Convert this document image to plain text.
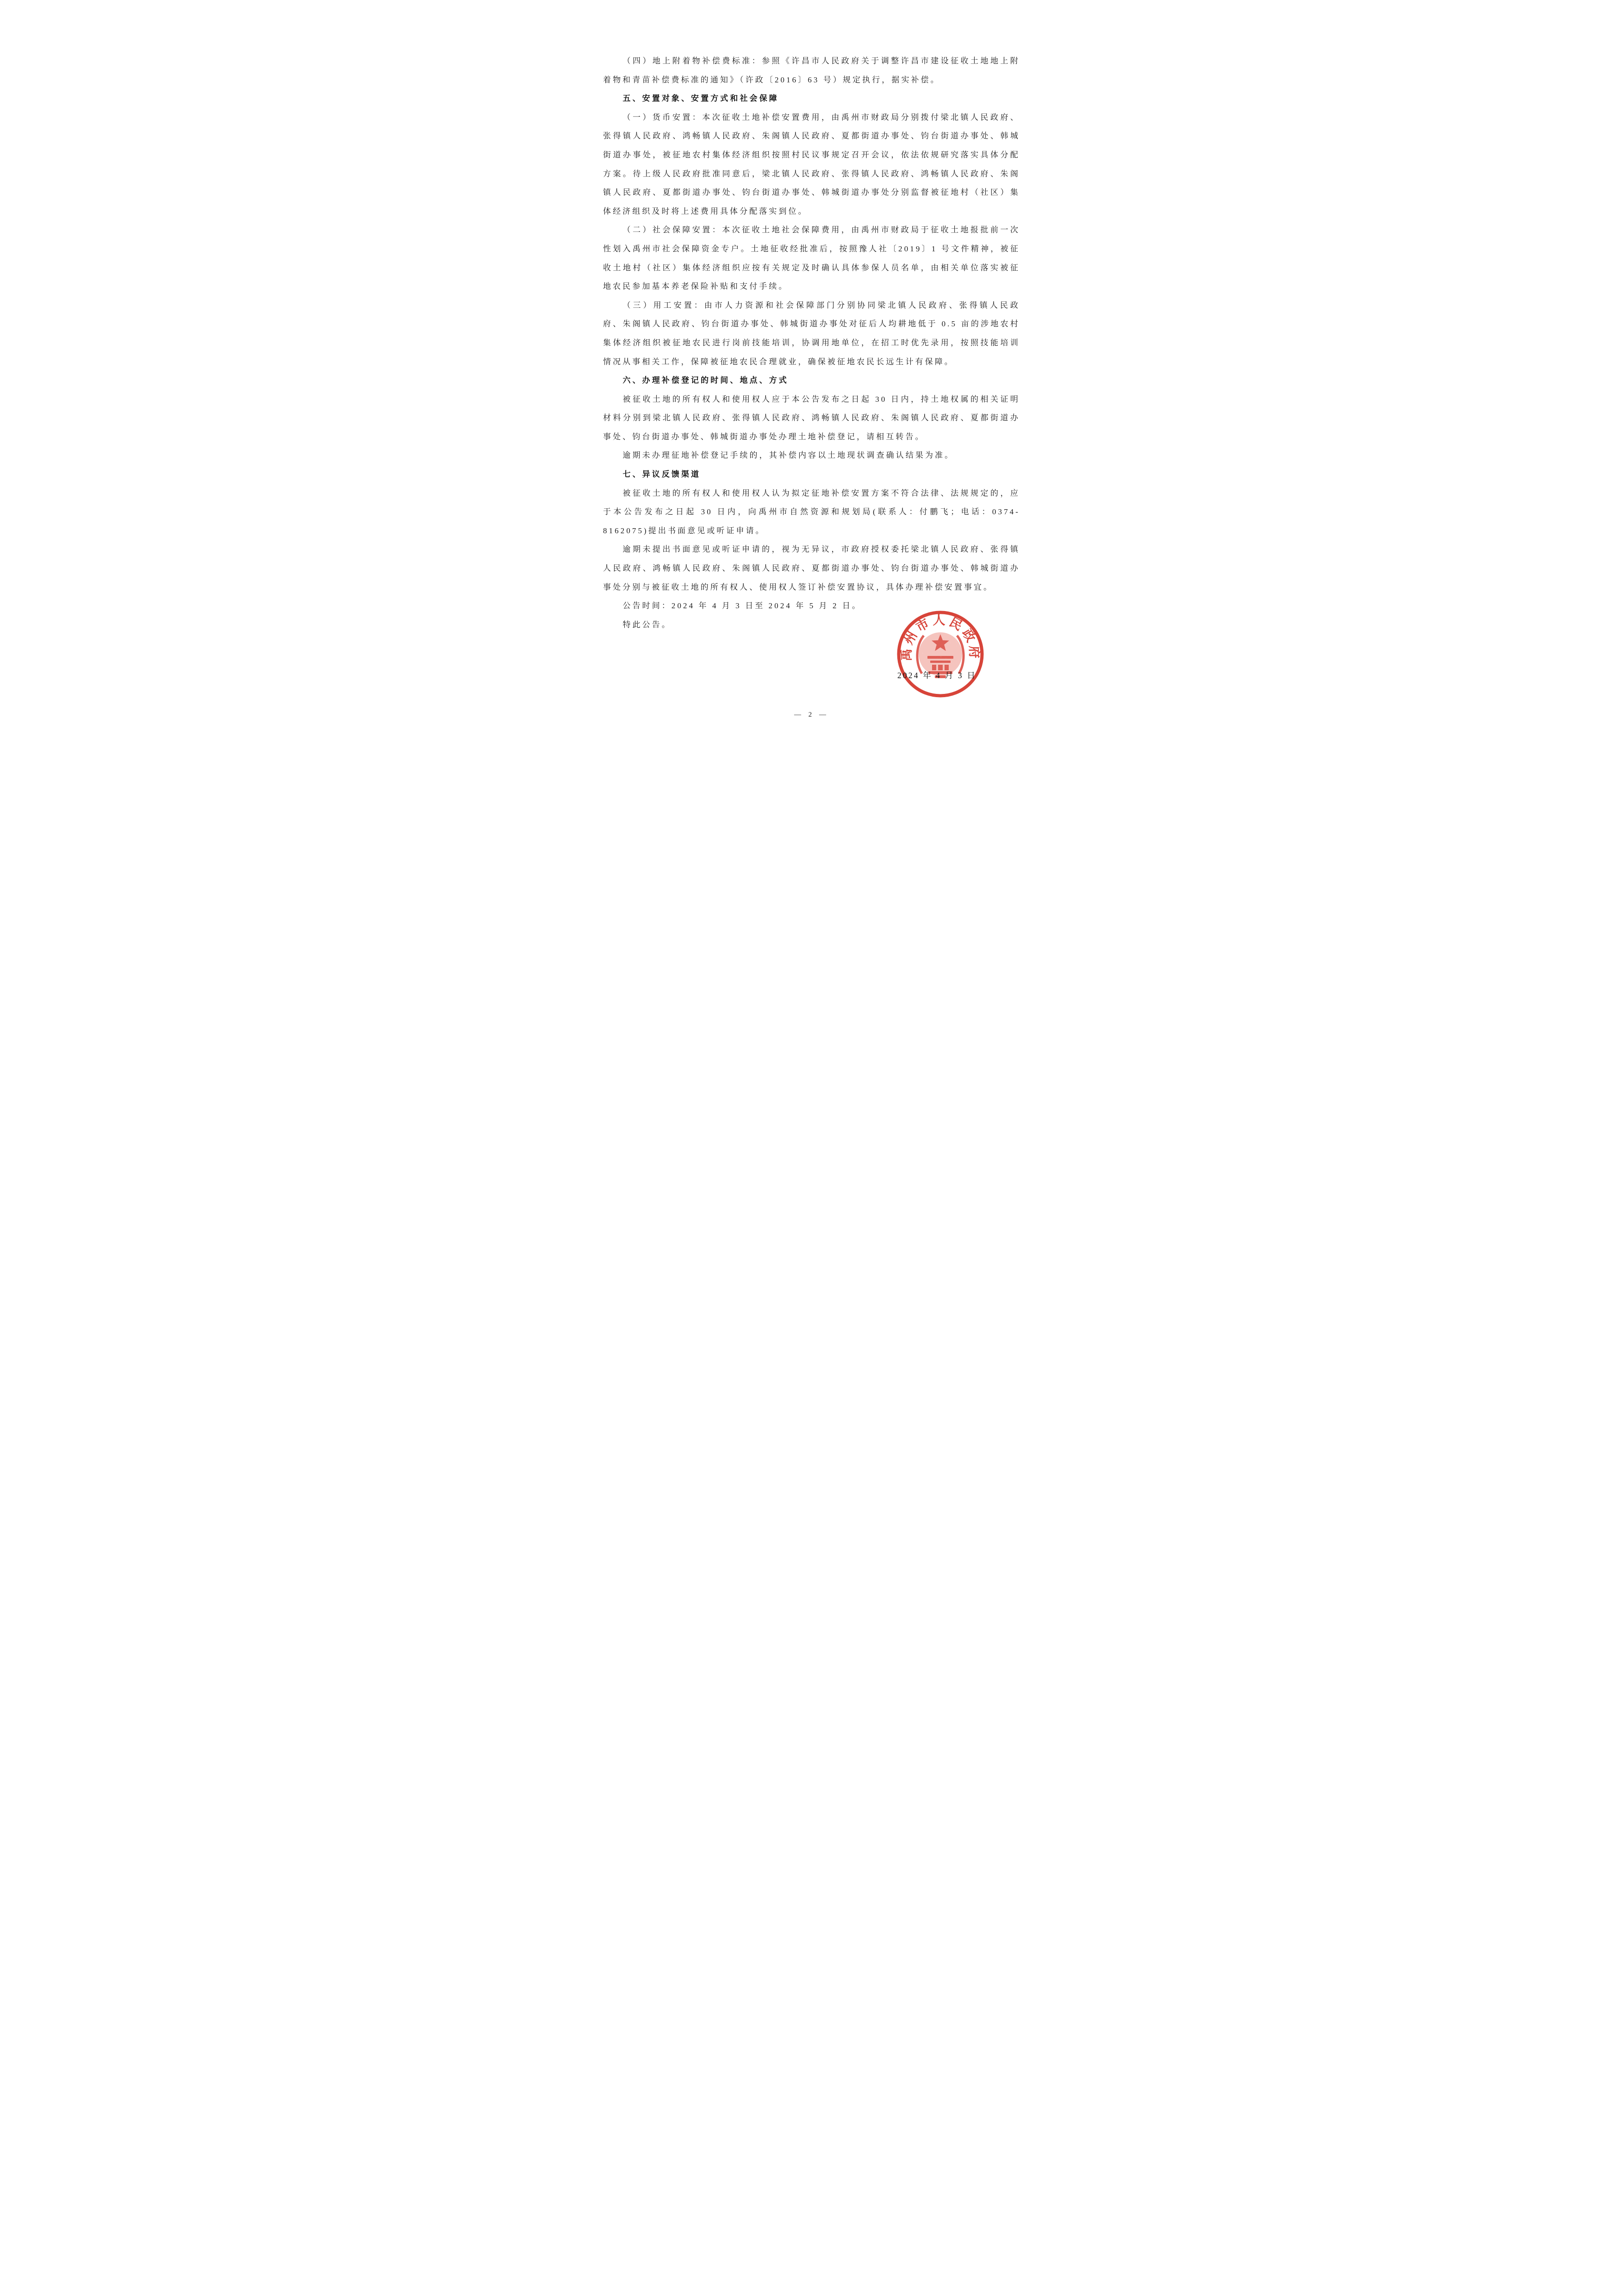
（四）地上附着物补偿费标准：参照《许昌市人民政府关于调整许昌市建设征收土地地上附着物和青苗补偿费标准的通知》（许政〔2016〕63 号）规定执行，据实补偿。

五、安置对象、安置方式和社会保障

（一）货币安置：本次征收土地补偿安置费用，由禹州市财政局分别拨付梁北镇人民政府、张得镇人民政府、鸿畅镇人民政府、朱阁镇人民政府、夏都街道办事处、钧台街道办事处、韩城街道办事处，被征地农村集体经济组织按照村民议事规定召开会议，依法依规研究落实具体分配方案。待上级人民政府批准同意后，梁北镇人民政府、张得镇人民政府、鸿畅镇人民政府、朱阁镇人民政府、夏都街道办事处、钧台街道办事处、韩城街道办事处分别监督被征地村（社区）集体经济组织及时将上述费用具体分配落实到位。

（二）社会保障安置：本次征收土地社会保障费用，由禹州市财政局于征收土地报批前一次性划入禹州市社会保障资金专户。土地征收经批准后，按照豫人社〔2019〕1 号文件精神，被征收土地村（社区）集体经济组织应按有关规定及时确认具体参保人员名单，由相关单位落实被征地农民参加基本养老保险补贴和支付手续。

（三）用工安置：由市人力资源和社会保障部门分别协同梁北镇人民政府、张得镇人民政府、朱阁镇人民政府、钧台街道办事处、韩城街道办事处对征后人均耕地低于 0.5 亩的涉地农村集体经济组织被征地农民进行岗前技能培训，协调用地单位，在招工时优先录用，按照技能培训情况从事相关工作，保障被征地农民合理就业，确保被征地农民长远生计有保障。

六、办理补偿登记的时间、地点、方式

被征收土地的所有权人和使用权人应于本公告发布之日起 30 日内，持土地权属的相关证明材料分别到梁北镇人民政府、张得镇人民政府、鸿畅镇人民政府、朱阁镇人民政府、夏都街道办事处、钧台街道办事处、韩城街道办事处办理土地补偿登记，请相互转告。

逾期未办理征地补偿登记手续的，其补偿内容以土地现状调查确认结果为准。

七、异议反馈渠道

被征收土地的所有权人和使用权人认为拟定征地补偿安置方案不符合法律、法规规定的，应于本公告发布之日起 30 日内，向禹州市自然资源和规划局(联系人：付鹏飞；电话：0374-8162075)提出书面意见或听证申请。

逾期未提出书面意见或听证申请的，视为无异议，市政府授权委托梁北镇人民政府、张得镇人民政府、鸿畅镇人民政府、朱阁镇人民政府、夏都街道办事处、钧台街道办事处、韩城街道办事处分别与被征收土地的所有权人、使用权人签订补偿安置协议，具体办理补偿安置事宜。

公告时间：2024 年 4 月 3 日至 2024 年 5 月 2 日。

特此公告。

禹州市人民政府
2024 年 4 月 3 日
— 2 —
